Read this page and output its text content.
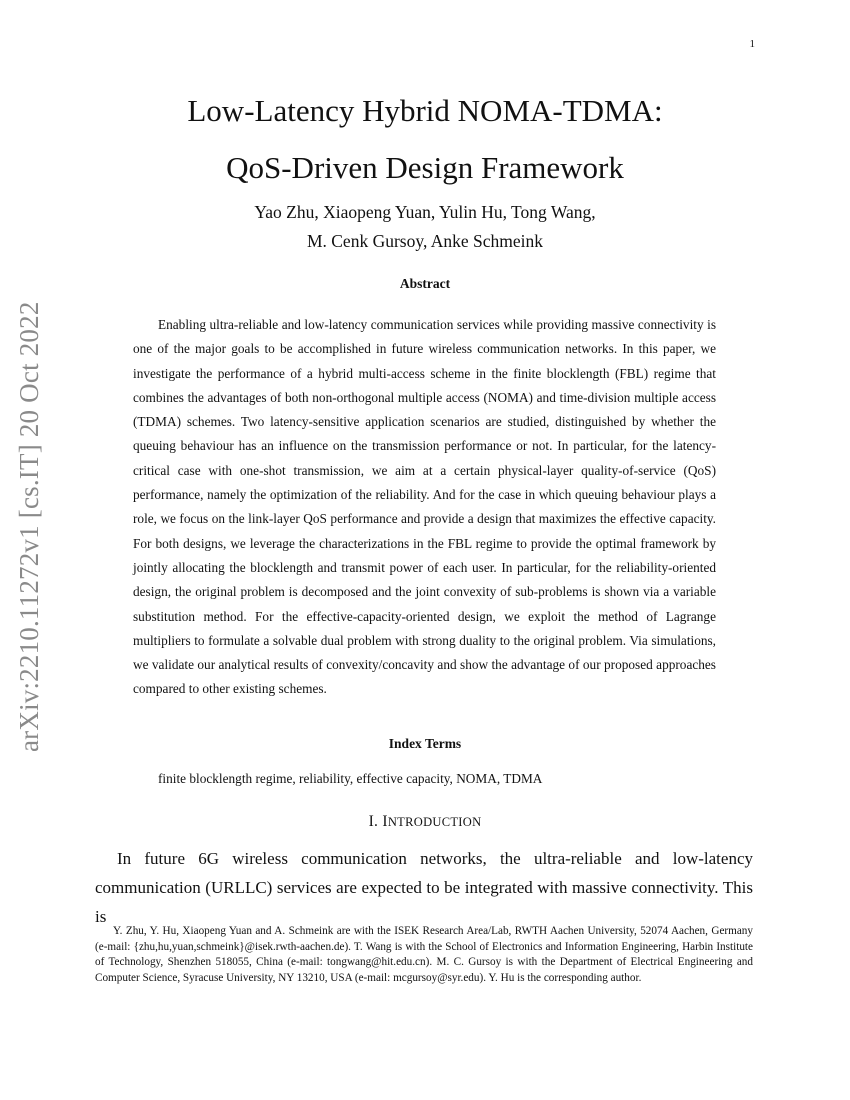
1
arXiv:2210.11272v1 [cs.IT] 20 Oct 2022
Low-Latency Hybrid NOMA-TDMA:
QoS-Driven Design Framework
Yao Zhu, Xiaopeng Yuan, Yulin Hu, Tong Wang,
M. Cenk Gursoy, Anke Schmeink
Abstract

Enabling ultra-reliable and low-latency communication services while providing massive connectivity is one of the major goals to be accomplished in future wireless communication networks. In this paper, we investigate the performance of a hybrid multi-access scheme in the finite blocklength (FBL) regime that combines the advantages of both non-orthogonal multiple access (NOMA) and time-division multiple access (TDMA) schemes. Two latency-sensitive application scenarios are studied, distinguished by whether the queuing behaviour has an influence on the transmission performance or not. In particular, for the latency-critical case with one-shot transmission, we aim at a certain physical-layer quality-of-service (QoS) performance, namely the optimization of the reliability. And for the case in which queuing behaviour plays a role, we focus on the link-layer QoS performance and provide a design that maximizes the effective capacity. For both designs, we leverage the characterizations in the FBL regime to provide the optimal framework by jointly allocating the blocklength and transmit power of each user. In particular, for the reliability-oriented design, the original problem is decomposed and the joint convexity of sub-problems is shown via a variable substitution method. For the effective-capacity-oriented design, we exploit the method of Lagrange multipliers to formulate a solvable dual problem with strong duality to the original problem. Via simulations, we validate our analytical results of convexity/concavity and show the advantage of our proposed approaches compared to other existing schemes.

Index Terms
finite blocklength regime, reliability, effective capacity, NOMA, TDMA
I. INTRODUCTION

In future 6G wireless communication networks, the ultra-reliable and low-latency communication (URLLC) services are expected to be integrated with massive connectivity. This is

Y. Zhu, Y. Hu, Xiaopeng Yuan and A. Schmeink are with the ISEK Research Area/Lab, RWTH Aachen University, 52074 Aachen, Germany (e-mail: {zhu,hu,yuan,schmeink}@isek.rwth-aachen.de). T. Wang is with the School of Electronics and Information Engineering, Harbin Institute of Technology, Shenzhen 518055, China (e-mail: tongwang@hit.edu.cn). M. C. Gursoy is with the Department of Electrical Engineering and Computer Science, Syracuse University, NY 13210, USA (e-mail: mcgursoy@syr.edu). Y. Hu is the corresponding author.
